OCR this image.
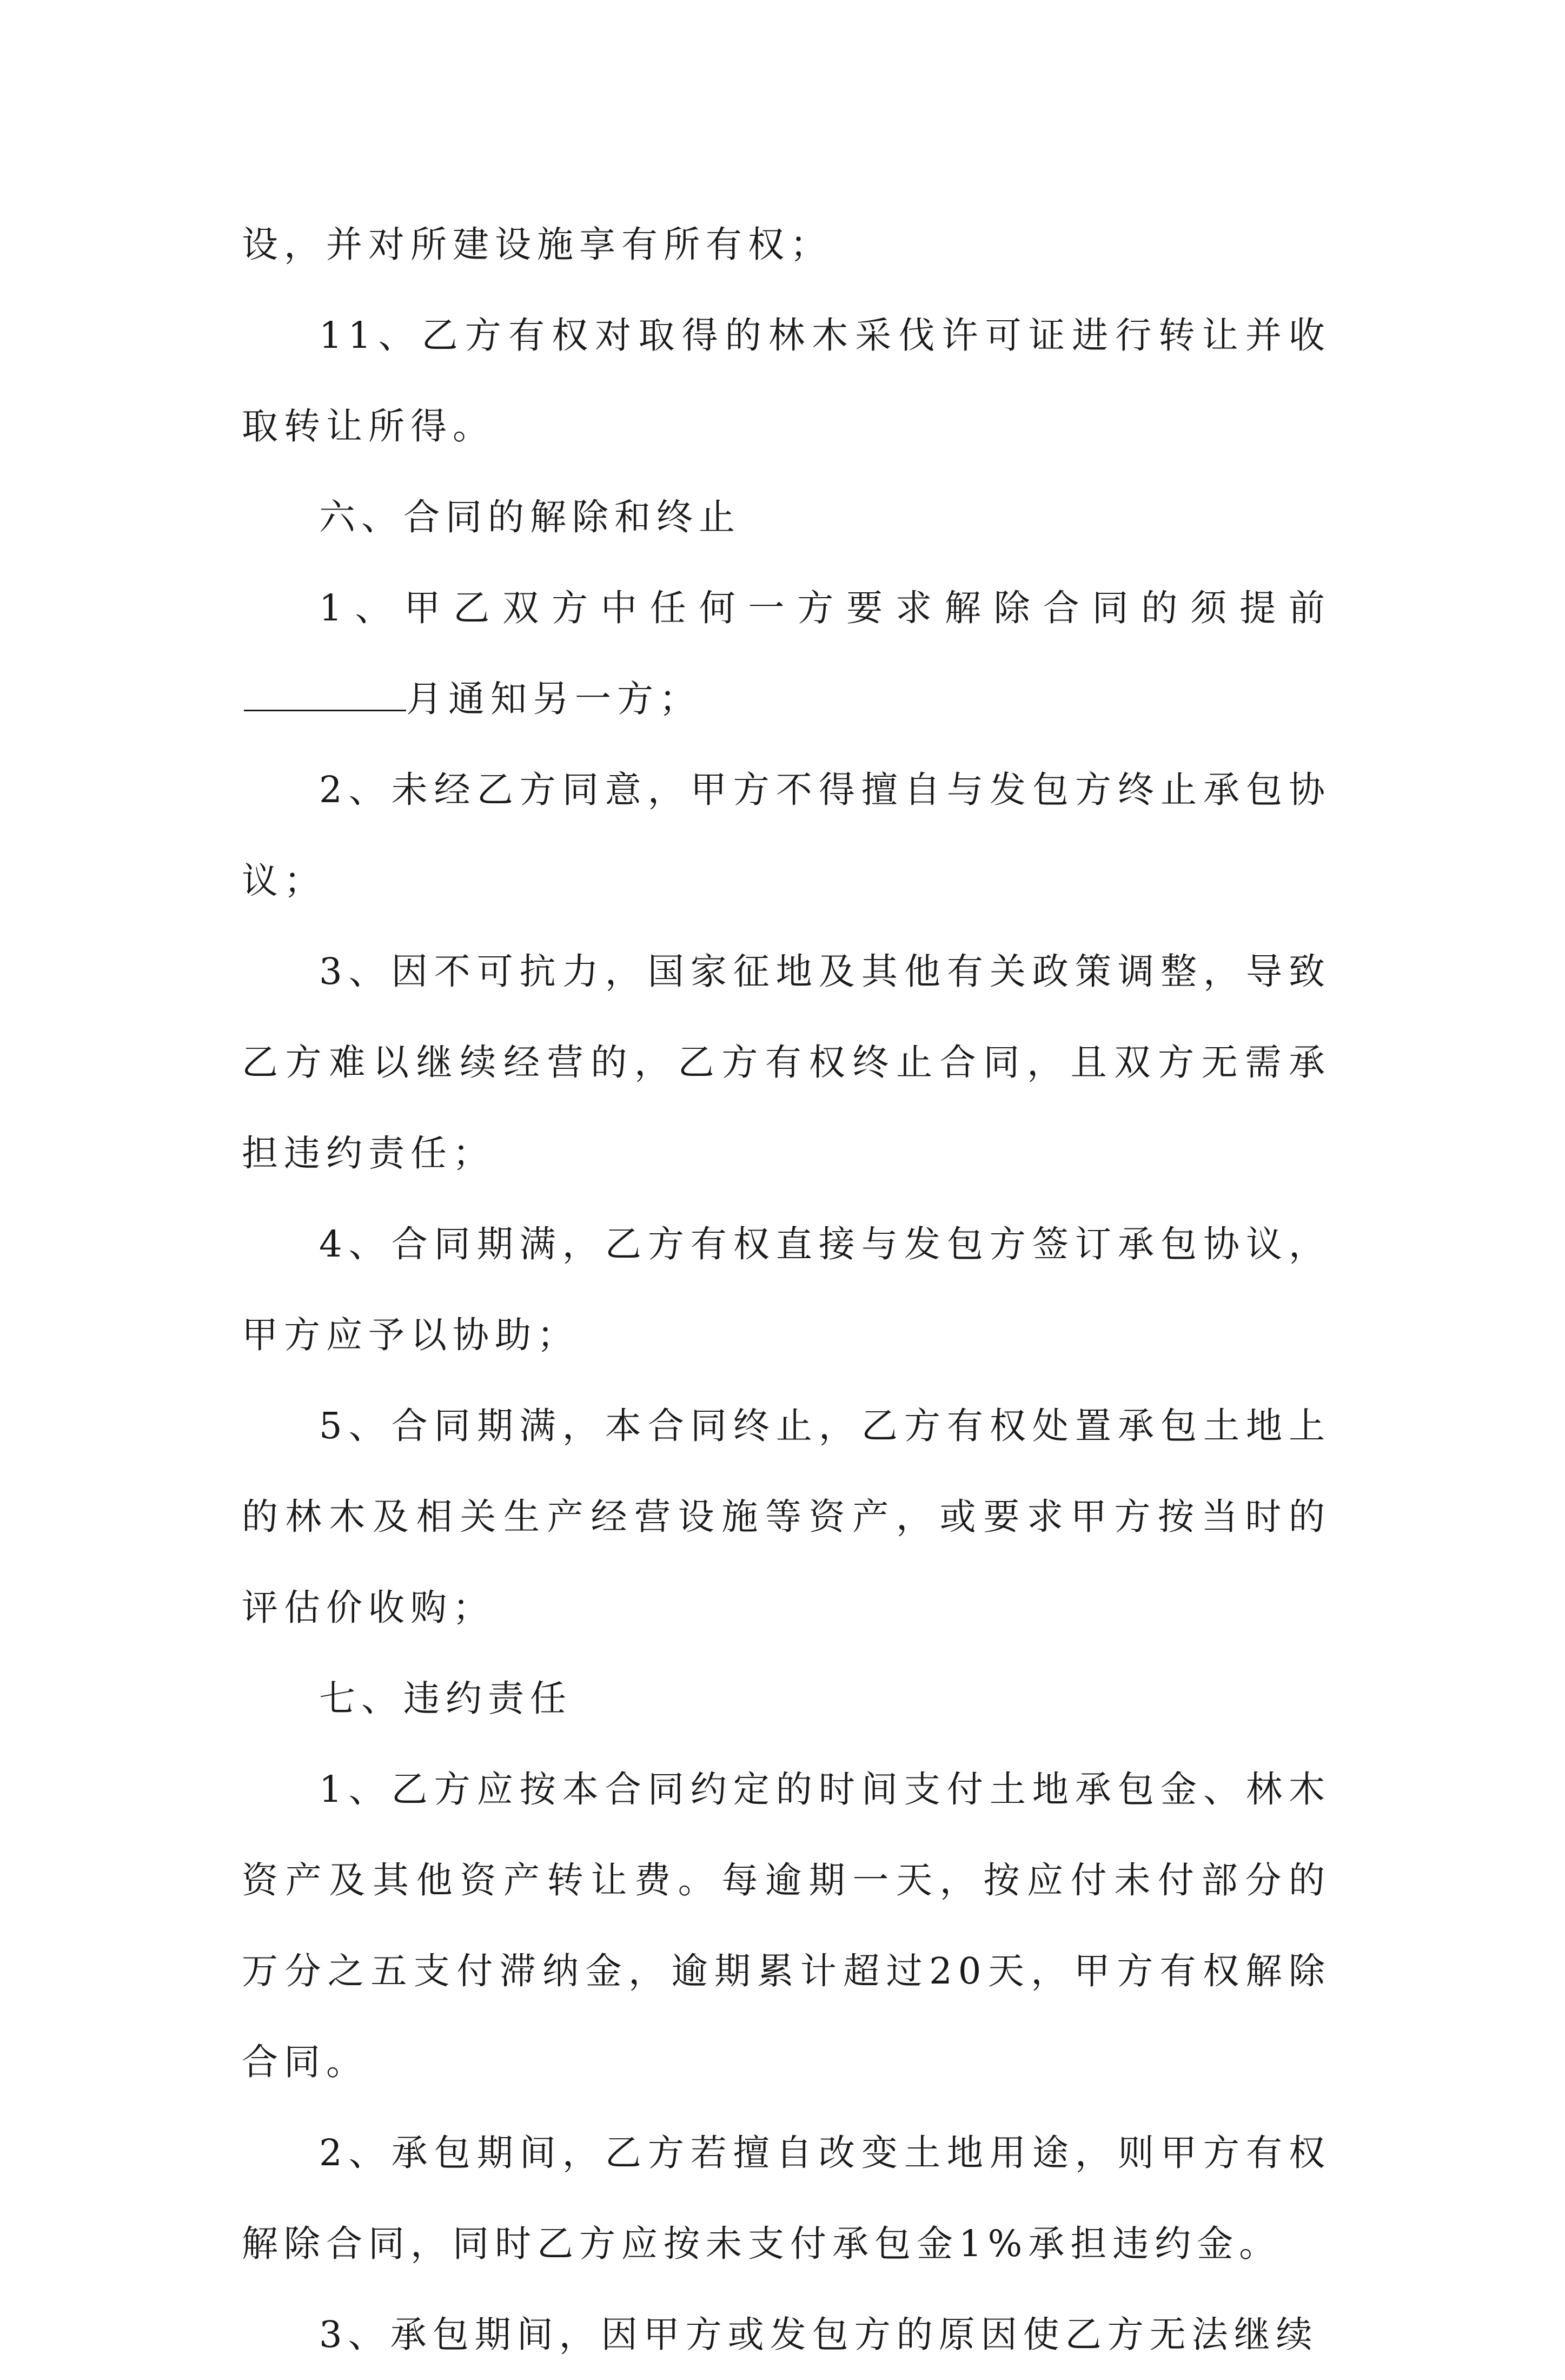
设，并对所建设施享有所有权；

11、乙方有权对取得的林木采伐许可证进行转让并收取转让所得。

六、合同的解除和终止

1、甲乙双方中任何一方要求解除合同的须提前月通知另一方；

2、未经乙方同意，甲方不得擅自与发包方终止承包协议；

3、因不可抗力，国家征地及其他有关政策调整，导致乙方难以继续经营的，乙方有权终止合同，且双方无需承担违约责任；

4、合同期满，乙方有权直接与发包方签订承包协议，甲方应予以协助；

5、合同期满，本合同终止，乙方有权处置承包土地上的林木及相关生产经营设施等资产，或要求甲方按当时的评估价收购；

七、违约责任

1、乙方应按本合同约定的时间支付土地承包金、林木资产及其他资产转让费。每逾期一天，按应付未付部分的万分之五支付滞纳金，逾期累计超过20天，甲方有权解除合同。

2、承包期间，乙方若擅自改变土地用途，则甲方有权解除合同，同时乙方应按未支付承包金1%承担违约金。

3、承包期间，因甲方或发包方的原因使乙方无法继续
